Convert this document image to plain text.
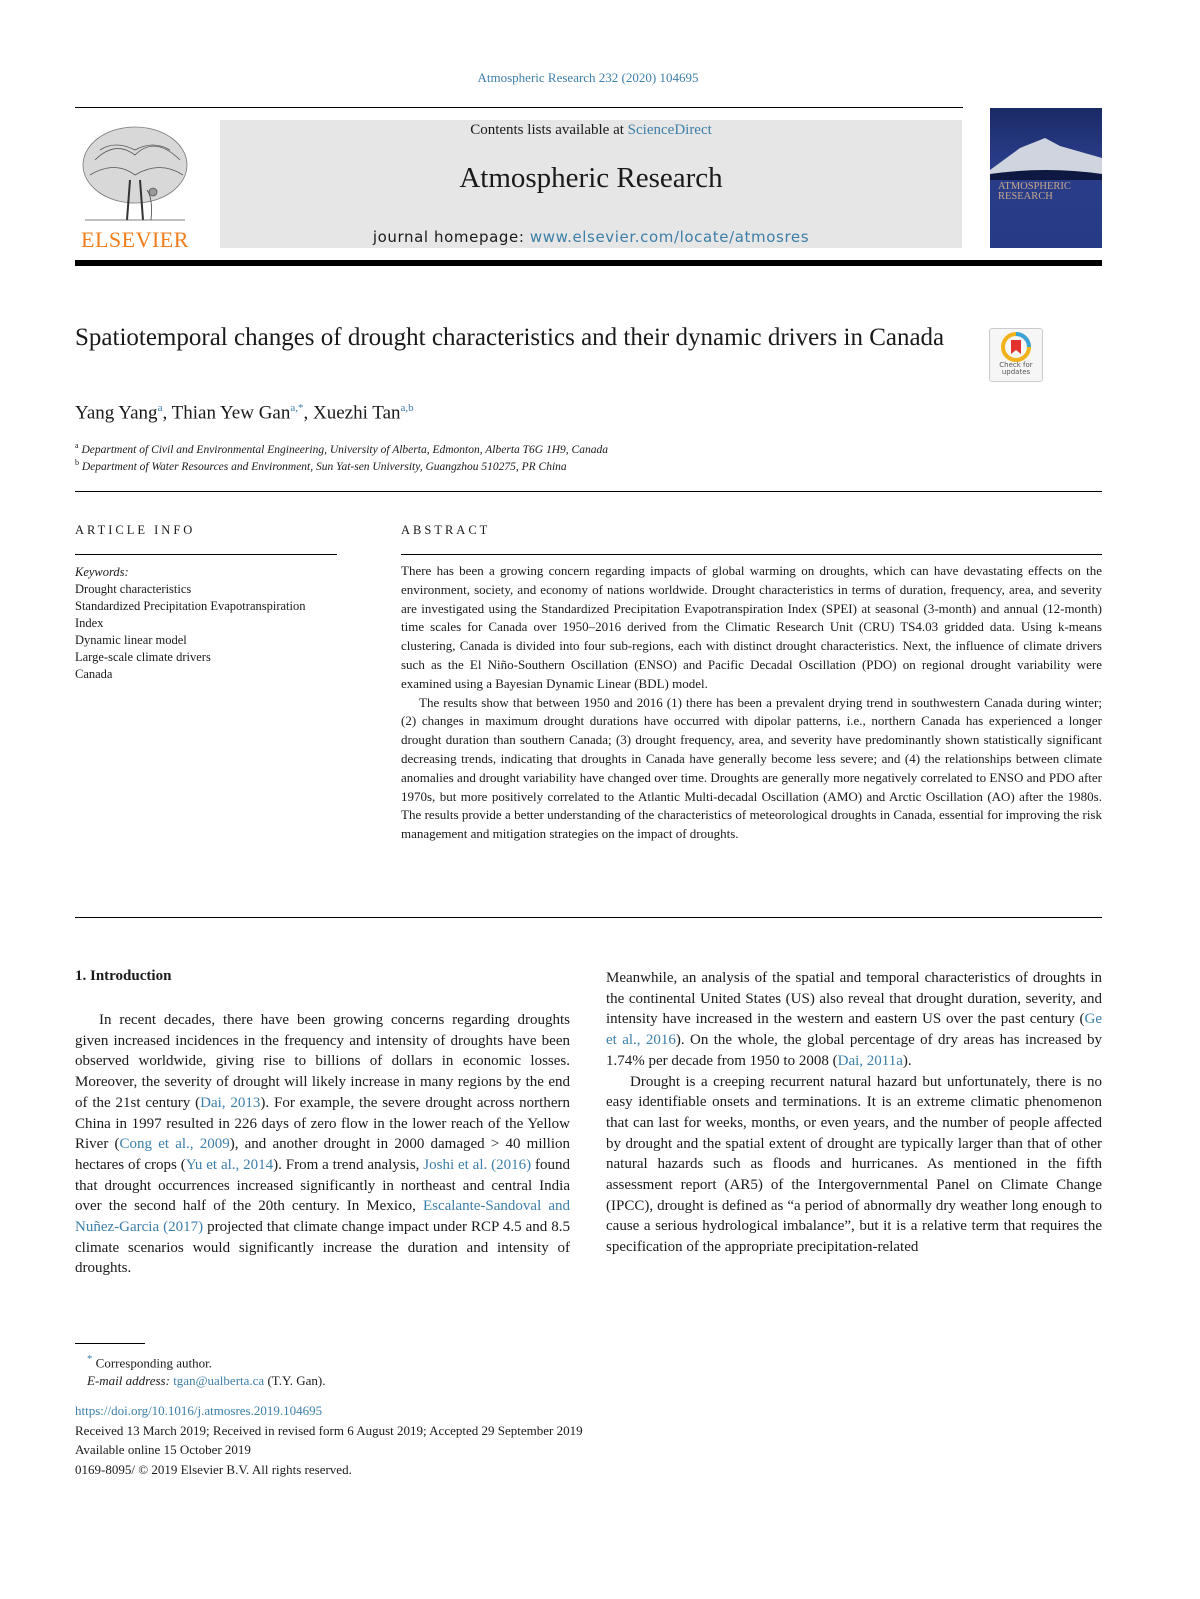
Atmospheric Research 232 (2020) 104695
ELSEVIER
Contents lists available at ScienceDirect
Atmospheric Research
journal homepage: www.elsevier.com/locate/atmosres
ATMOSPHERIC RESEARCH
Spatiotemporal changes of drought characteristics and their dynamic drivers in Canada
Check for updates
Yang Yang$^a$, Thian Yew Gan$^{a,*}$, Xuezhi Tan$^{a,b}$
$^a$ Department of Civil and Environmental Engineering, University of Alberta, Edmonton, Alberta T6G 1H9, Canada
$^b$ Department of Water Resources and Environment, Sun Yat-sen University, Guangzhou 510275, PR China
ARTICLE INFO	ABSTRACT
Keywords:
Drought characteristics
Standardized Precipitation Evapotranspiration Index
Dynamic linear model
Large-scale climate drivers
Canada

There has been a growing concern regarding impacts of global warming on droughts, which can have devastating effects on the environment, society, and economy of nations worldwide. Drought characteristics in terms of duration, frequency, area, and severity are investigated using the Standardized Precipitation Evapotranspiration Index (SPEI) at seasonal (3-month) and annual (12-month) time scales for Canada over 1950–2016 derived from the Climatic Research Unit (CRU) TS4.03 gridded data. Using k-means clustering, Canada is divided into four sub-regions, each with distinct drought characteristics. Next, the influence of climate drivers such as the El Niño-Southern Oscillation (ENSO) and Pacific Decadal Oscillation (PDO) on regional drought variability were examined using a Bayesian Dynamic Linear (BDL) model.

The results show that between 1950 and 2016 (1) there has been a prevalent drying trend in southwestern Canada during winter; (2) changes in maximum drought durations have occurred with dipolar patterns, i.e., northern Canada has experienced a longer drought duration than southern Canada; (3) drought frequency, area, and severity have predominantly shown statistically significant decreasing trends, indicating that droughts in Canada have generally become less severe; and (4) the relationships between climate anomalies and drought variability have changed over time. Droughts are generally more negatively correlated to ENSO and PDO after 1970s, but more positively correlated to the Atlantic Multi-decadal Oscillation (AMO) and Arctic Oscillation (AO) after the 1980s. The results provide a better understanding of the characteristics of meteorological droughts in Canada, essential for improving the risk management and mitigation strategies on the impact of droughts.

1. Introduction

In recent decades, there have been growing concerns regarding droughts given increased incidences in the frequency and intensity of droughts have been observed worldwide, giving rise to billions of dollars in economic losses. Moreover, the severity of drought will likely increase in many regions by the end of the 21st century (Dai, 2013). For example, the severe drought across northern China in 1997 resulted in 226 days of zero flow in the lower reach of the Yellow River (Cong et al., 2009), and another drought in 2000 damaged > 40 million hectares of crops (Yu et al., 2014). From a trend analysis, Joshi et al. (2016) found that drought occurrences increased significantly in northeast and central India over the second half of the 20th century. In Mexico, Escalante-Sandoval and Nuñez-Garcia (2017) projected that climate change impact under RCP 4.5 and 8.5 climate scenarios would significantly increase the duration and intensity of droughts.

Meanwhile, an analysis of the spatial and temporal characteristics of droughts in the continental United States (US) also reveal that drought duration, severity, and intensity have increased in the western and eastern US over the past century (Ge et al., 2016). On the whole, the global percentage of dry areas has increased by 1.74% per decade from 1950 to 2008 (Dai, 2011a).

Drought is a creeping recurrent natural hazard but unfortunately, there is no easy identifiable onsets and terminations. It is an extreme climatic phenomenon that can last for weeks, months, or even years, and the number of people affected by drought and the spatial extent of drought are typically larger than that of other natural hazards such as floods and hurricanes. As mentioned in the fifth assessment report (AR5) of the Intergovernmental Panel on Climate Change (IPCC), drought is defined as “a period of abnormally dry weather long enough to cause a serious hydrological imbalance”, but it is a relative term that requires the specification of the appropriate precipitation-related

* Corresponding author.
E-mail address: tgan@ualberta.ca (T.Y. Gan).
https://doi.org/10.1016/j.atmosres.2019.104695
Received 13 March 2019; Received in revised form 6 August 2019; Accepted 29 September 2019
Available online 15 October 2019
0169-8095/ © 2019 Elsevier B.V. All rights reserved.
